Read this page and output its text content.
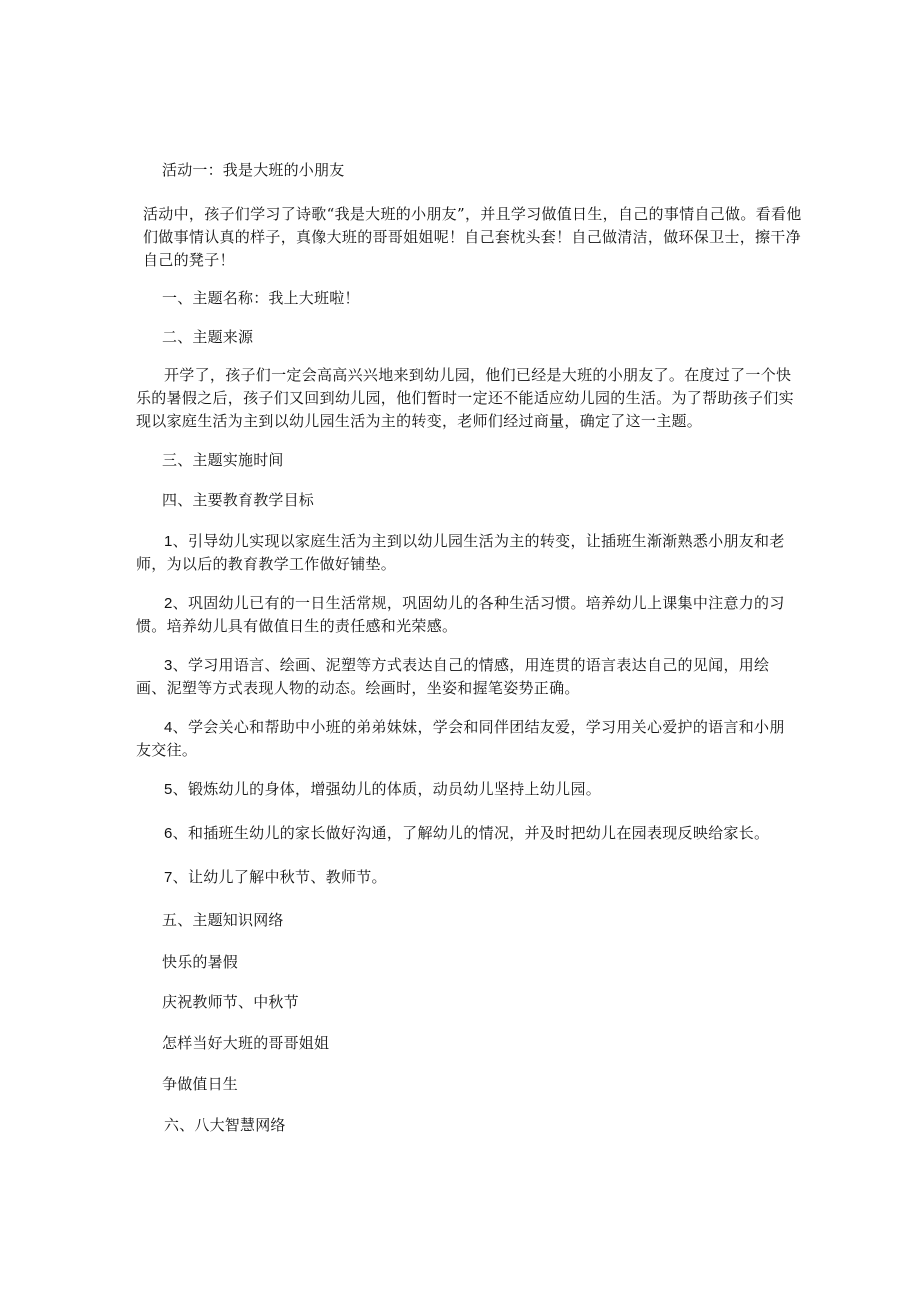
活动一：我是大班的小朋友
活动中，孩子们学习了诗歌“我是大班的小朋友”，并且学习做值日生，自己的事情自己做。看看他们做事情认真的样子，真像大班的哥哥姐姐呢！自己套枕头套！自己做清洁，做环保卫士，擦干净自己的凳子！
一、主题名称：我上大班啦！
二、主题来源
开学了，孩子们一定会高高兴兴地来到幼儿园，他们已经是大班的小朋友了。在度过了一个快乐的暑假之后，孩子们又回到幼儿园，他们暂时一定还不能适应幼儿园的生活。为了帮助孩子们实现以家庭生活为主到以幼儿园生活为主的转变，老师们经过商量，确定了这一主题。
三、主题实施时间
四、主要教育教学目标
1、引导幼儿实现以家庭生活为主到以幼儿园生活为主的转变，让插班生渐渐熟悉小朋友和老师，为以后的教育教学工作做好铺垫。
2、巩固幼儿已有的一日生活常规，巩固幼儿的各种生活习惯。培养幼儿上课集中注意力的习惯。培养幼儿具有做值日生的责任感和光荣感。
3、学习用语言、绘画、泥塑等方式表达自己的情感，用连贯的语言表达自己的见闻，用绘画、泥塑等方式表现人物的动态。绘画时，坐姿和握笔姿势正确。
4、学会关心和帮助中小班的弟弟妹妹，学会和同伴团结友爱，学习用关心爱护的语言和小朋友交往。
5、锻炼幼儿的身体，增强幼儿的体质，动员幼儿坚持上幼儿园。
6、和插班生幼儿的家长做好沟通，了解幼儿的情况，并及时把幼儿在园表现反映给家长。
7、让幼儿了解中秋节、教师节。
五、主题知识网络
快乐的暑假
庆祝教师节、中秋节
怎样当好大班的哥哥姐姐
争做值日生
六、八大智慧网络
